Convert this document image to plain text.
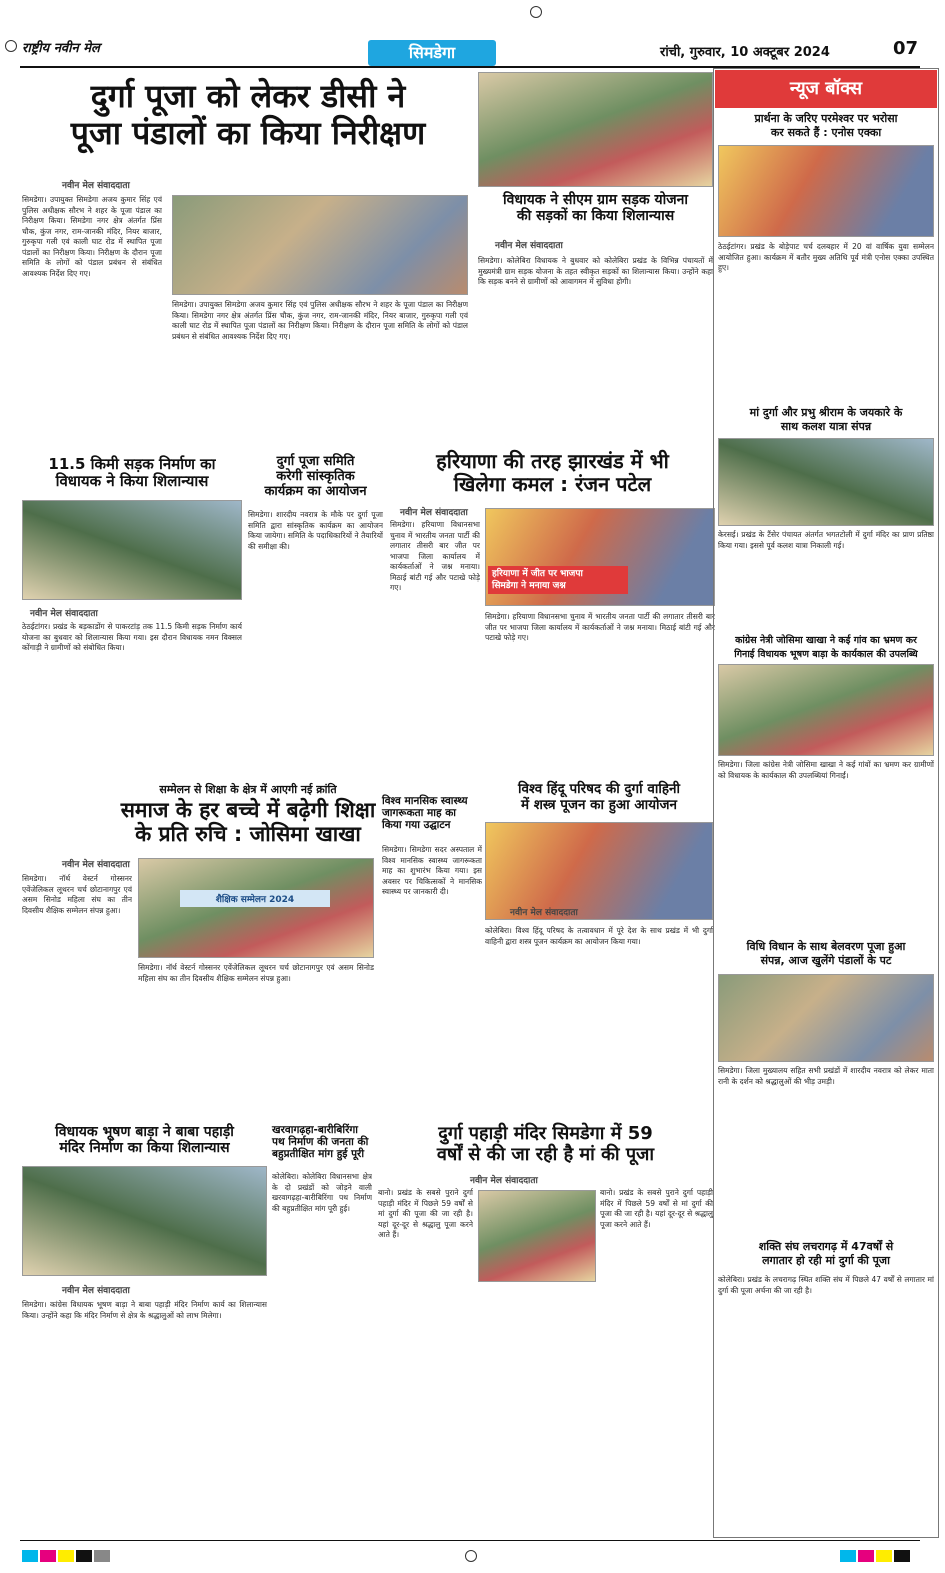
राष्ट्रीय नवीन मेल	सिमडेगा	रांची, गुरुवार, 10 अक्टूबर 2024	07
दुर्गा पूजा को लेकर डीसी ने
पूजा पंडालों का किया निरीक्षण
नवीन मेल संवाददाता
सिमडेगा। उपायुक्त सिमडेगा अजय कुमार सिंह एवं पुलिस अधीक्षक सौरभ ने शहर के पूजा पंडाल का निरीक्षण किया। सिमडेगा नगर क्षेत्र अंतर्गत प्रिंस चौक, कुंज नगर, राम-जानकी मंदिर, नियर बाजार, गुरुकृपा गली एवं काली घाट रोड में स्थापित पूजा पंडालों का निरीक्षण किया। निरीक्षण के दौरान पूजा समिति के लोगों को पंडाल प्रबंधन से संबंधित आवश्यक निर्देश दिए गए।
सिमडेगा। उपायुक्त सिमडेगा अजय कुमार सिंह एवं पुलिस अधीक्षक सौरभ ने शहर के पूजा पंडाल का निरीक्षण किया। सिमडेगा नगर क्षेत्र अंतर्गत प्रिंस चौक, कुंज नगर, राम-जानकी मंदिर, नियर बाजार, गुरुकृपा गली एवं काली घाट रोड में स्थापित पूजा पंडालों का निरीक्षण किया। निरीक्षण के दौरान पूजा समिति के लोगों को पंडाल प्रबंधन से संबंधित आवश्यक निर्देश दिए गए।
विधायक ने सीएम ग्राम सड़क योजना
की सड़कों का किया शिलान्यास
नवीन मेल संवाददाता
सिमडेगा। कोलेबिरा विधायक ने बुधवार को कोलेबिरा प्रखंड के विभिन्न पंचायतों में मुख्यमंत्री ग्राम सड़क योजना के तहत स्वीकृत सड़कों का शिलान्यास किया। उन्होंने कहा कि सड़क बनने से ग्रामीणों को आवागमन में सुविधा होगी।
11.5 किमी सड़क निर्माण का
विधायक ने किया शिलान्यास
नवीन मेल संवाददाता
ठेठईटांगर। प्रखंड के बड़काडोंग से पाकरटांड़ तक 11.5 किमी सड़क निर्माण कार्य योजना का बुधवार को शिलान्यास किया गया। इस दौरान विधायक नमन विक्सल कोंगाड़ी ने ग्रामीणों को संबोधित किया।
दुर्गा पूजा समिति
करेगी सांस्कृतिक
कार्यक्रम का आयोजन
सिमडेगा। शारदीय नवरात्र के मौके पर दुर्गा पूजा समिति द्वारा सांस्कृतिक कार्यक्रम का आयोजन किया जायेगा। समिति के पदाधिकारियों ने तैयारियों की समीक्षा की।
हरियाणा की तरह झारखंड में भी
खिलेगा कमल : रंजन पटेल
नवीन मेल संवाददाता
सिमडेगा। हरियाणा विधानसभा चुनाव में भारतीय जनता पार्टी की लगातार तीसरी बार जीत पर भाजपा जिला कार्यालय में कार्यकर्ताओं ने जश्न मनाया। मिठाई बांटी गई और पटाखे फोड़े गए।
हरियाणा में जीत पर भाजपा
सिमडेगा ने मनाया जश्न
सिमडेगा। हरियाणा विधानसभा चुनाव में भारतीय जनता पार्टी की लगातार तीसरी बार जीत पर भाजपा जिला कार्यालय में कार्यकर्ताओं ने जश्न मनाया। मिठाई बांटी गई और पटाखे फोड़े गए।
सम्मेलन से शिक्षा के क्षेत्र में आएगी नई क्रांति
समाज के हर बच्चे में बढ़ेगी शिक्षा
के प्रति रुचि : जोसिमा खाखा
नवीन मेल संवाददाता
सिमडेगा। नॉर्थ वेस्टर्न गोस्सनर एवेंजेलिकल लूथरन चर्च छोटानागपुर एवं असम सिनोड महिला संघ का तीन दिवसीय शैक्षिक सम्मेलन संपन्न हुआ।
शैक्षिक सम्मेलन 2024
सिमडेगा। नॉर्थ वेस्टर्न गोस्सनर एवेंजेलिकल लूथरन चर्च छोटानागपुर एवं असम सिनोड महिला संघ का तीन दिवसीय शैक्षिक सम्मेलन संपन्न हुआ।
विश्व मानसिक स्वास्थ्य
जागरूकता माह का
किया गया उद्घाटन
सिमडेगा। सिमडेगा सदर अस्पताल में विश्व मानसिक स्वास्थ्य जागरूकता माह का शुभारंभ किया गया। इस अवसर पर चिकित्सकों ने मानसिक स्वास्थ्य पर जानकारी दी।
विश्व हिंदू परिषद की दुर्गा वाहिनी
में शस्त्र पूजन का हुआ आयोजन
नवीन मेल संवाददाता
कोलेबिरा। विश्व हिंदू परिषद के तत्वावधान में पूरे देश के साथ प्रखंड में भी दुर्गा वाहिनी द्वारा शस्त्र पूजन कार्यक्रम का आयोजन किया गया।
विधायक भूषण बाड़ा ने बाबा पहाड़ी
मंदिर निर्माण का किया शिलान्यास
नवीन मेल संवाददाता
सिमडेगा। कांग्रेस विधायक भूषण बाड़ा ने बाबा पहाड़ी मंदिर निर्माण कार्य का शिलान्यास किया। उन्होंने कहा कि मंदिर निर्माण से क्षेत्र के श्रद्धालुओं को लाभ मिलेगा।
खरवागढ़हा-बारीबिरिंगा
पथ निर्माण की जनता की
बहुप्रतीक्षित मांग हुई पूरी
कोलेबिरा। कोलेबिरा विधानसभा क्षेत्र के दो प्रखंडों को जोड़ने वाली खरवागढ़हा-बारीबिरिंगा पथ निर्माण की बहुप्रतीक्षित मांग पूरी हुई।
दुर्गा पहाड़ी मंदिर सिमडेगा में 59
वर्षों से की जा रही है मां की पूजा
नवीन मेल संवाददाता
बानो। प्रखंड के सबसे पुराने दुर्गा पहाड़ी मंदिर में पिछले 59 वर्षों से मां दुर्गा की पूजा की जा रही है। यहां दूर-दूर से श्रद्धालु पूजा करने आते हैं।
बानो। प्रखंड के सबसे पुराने दुर्गा पहाड़ी मंदिर में पिछले 59 वर्षों से मां दुर्गा की पूजा की जा रही है। यहां दूर-दूर से श्रद्धालु पूजा करने आते हैं।
न्यूज बॉक्स
प्रार्थना के जरिए परमेश्वर पर भरोसा
कर सकते हैं : एनोस एक्का
ठेठईटांगर। प्रखंड के बोड़ेपाट चर्च दलबहार में 20 वां वार्षिक युवा सम्मेलन आयोजित हुआ। कार्यक्रम में बतौर मुख्य अतिथि पूर्व मंत्री एनोस एक्का उपस्थित हुए।
मां दुर्गा और प्रभु श्रीराम के जयकारे के
साथ कलश यात्रा संपन्न
केरसई। प्रखंड के टैंसेर पंचायत अंतर्गत भगतटोली में दुर्गा मंदिर का प्राण प्रतिष्ठा किया गया। इससे पूर्व कलश यात्रा निकाली गई।
कांग्रेस नेत्री जोसिमा खाखा ने कई गांव का भ्रमण कर
गिनाई विधायक भूषण बाड़ा के कार्यकाल की उपलब्धि
सिमडेगा। जिला कांग्रेस नेत्री जोसिमा खाखा ने कई गांवों का भ्रमण कर ग्रामीणों को विधायक के कार्यकाल की उपलब्धियां गिनाईं।
विधि विधान के साथ बेलवरण पूजा हुआ
संपन्न, आज खुलेंगे पंडालों के पट
सिमडेगा। जिला मुख्यालय सहित सभी प्रखंडों में शारदीय नवरात्र को लेकर माता रानी के दर्शन को श्रद्धालुओं की भीड़ उमड़ी।
शक्ति संघ लचरागढ़ में 47वर्षों से
लगातार हो रही मां दुर्गा की पूजा
कोलेबिरा। प्रखंड के लचरागढ़ स्थित शक्ति संघ में पिछले 47 वर्षों से लगातार मां दुर्गा की पूजा अर्चना की जा रही है।
